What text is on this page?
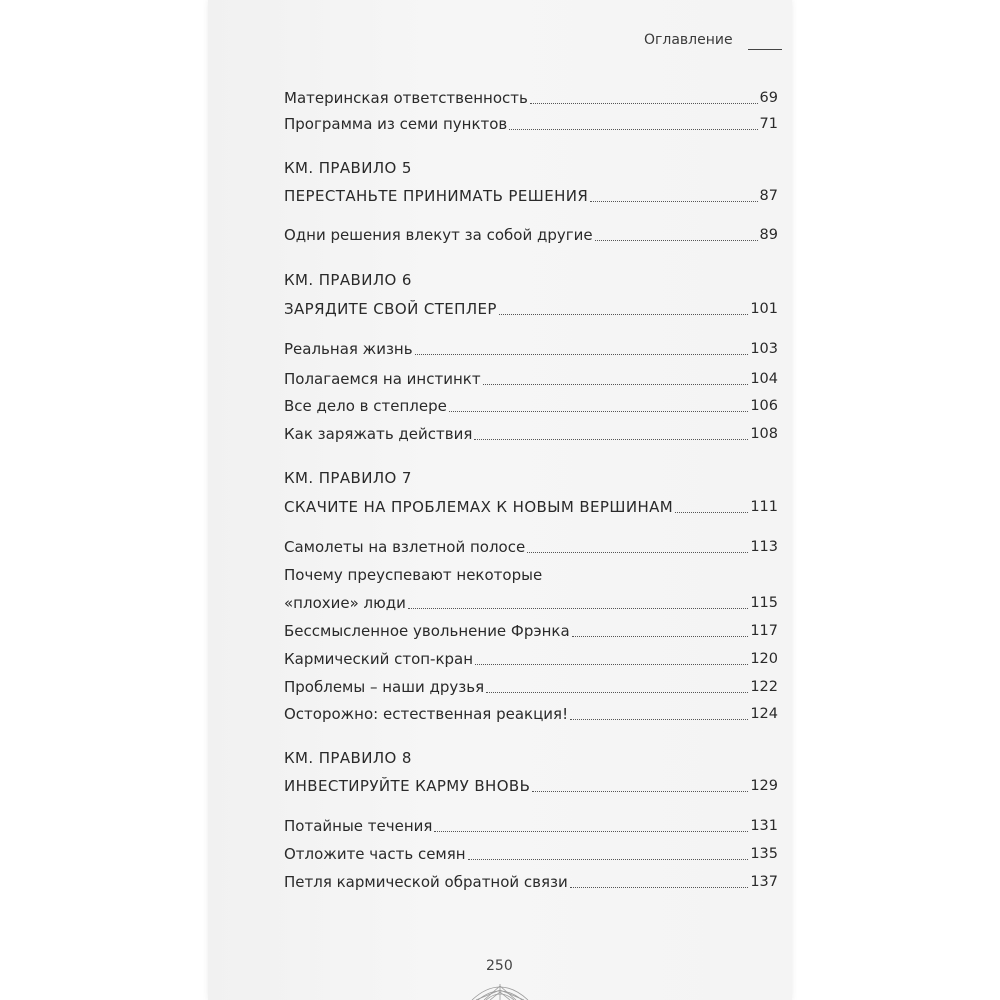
Оглавление
Материнская ответственность	69
Программа из семи пунктов	71
КМ. ПРАВИЛО 5
ПЕРЕСТАНЬТЕ ПРИНИМАТЬ РЕШЕНИЯ	87
Одни решения влекут за собой другие	89
КМ. ПРАВИЛО 6
ЗАРЯДИТЕ СВОЙ СТЕПЛЕР	101
Реальная жизнь	103
Полагаемся на инстинкт	104
Все дело в степлере	106
Как заряжать действия	108
КМ. ПРАВИЛО 7
СКАЧИТЕ НА ПРОБЛЕМАХ К НОВЫМ ВЕРШИНАМ	111
Самолеты на взлетной полосе	113
Почему преуспевают некоторые
«плохие» люди	115
Бессмысленное увольнение Фрэнка	117
Кармический стоп-кран	120
Проблемы – наши друзья	122
Осторожно: естественная реакция!	124
КМ. ПРАВИЛО 8
ИНВЕСТИРУЙТЕ КАРМУ ВНОВЬ	129
Потайные течения	131
Отложите часть семян	135
Петля кармической обратной связи	137
250
